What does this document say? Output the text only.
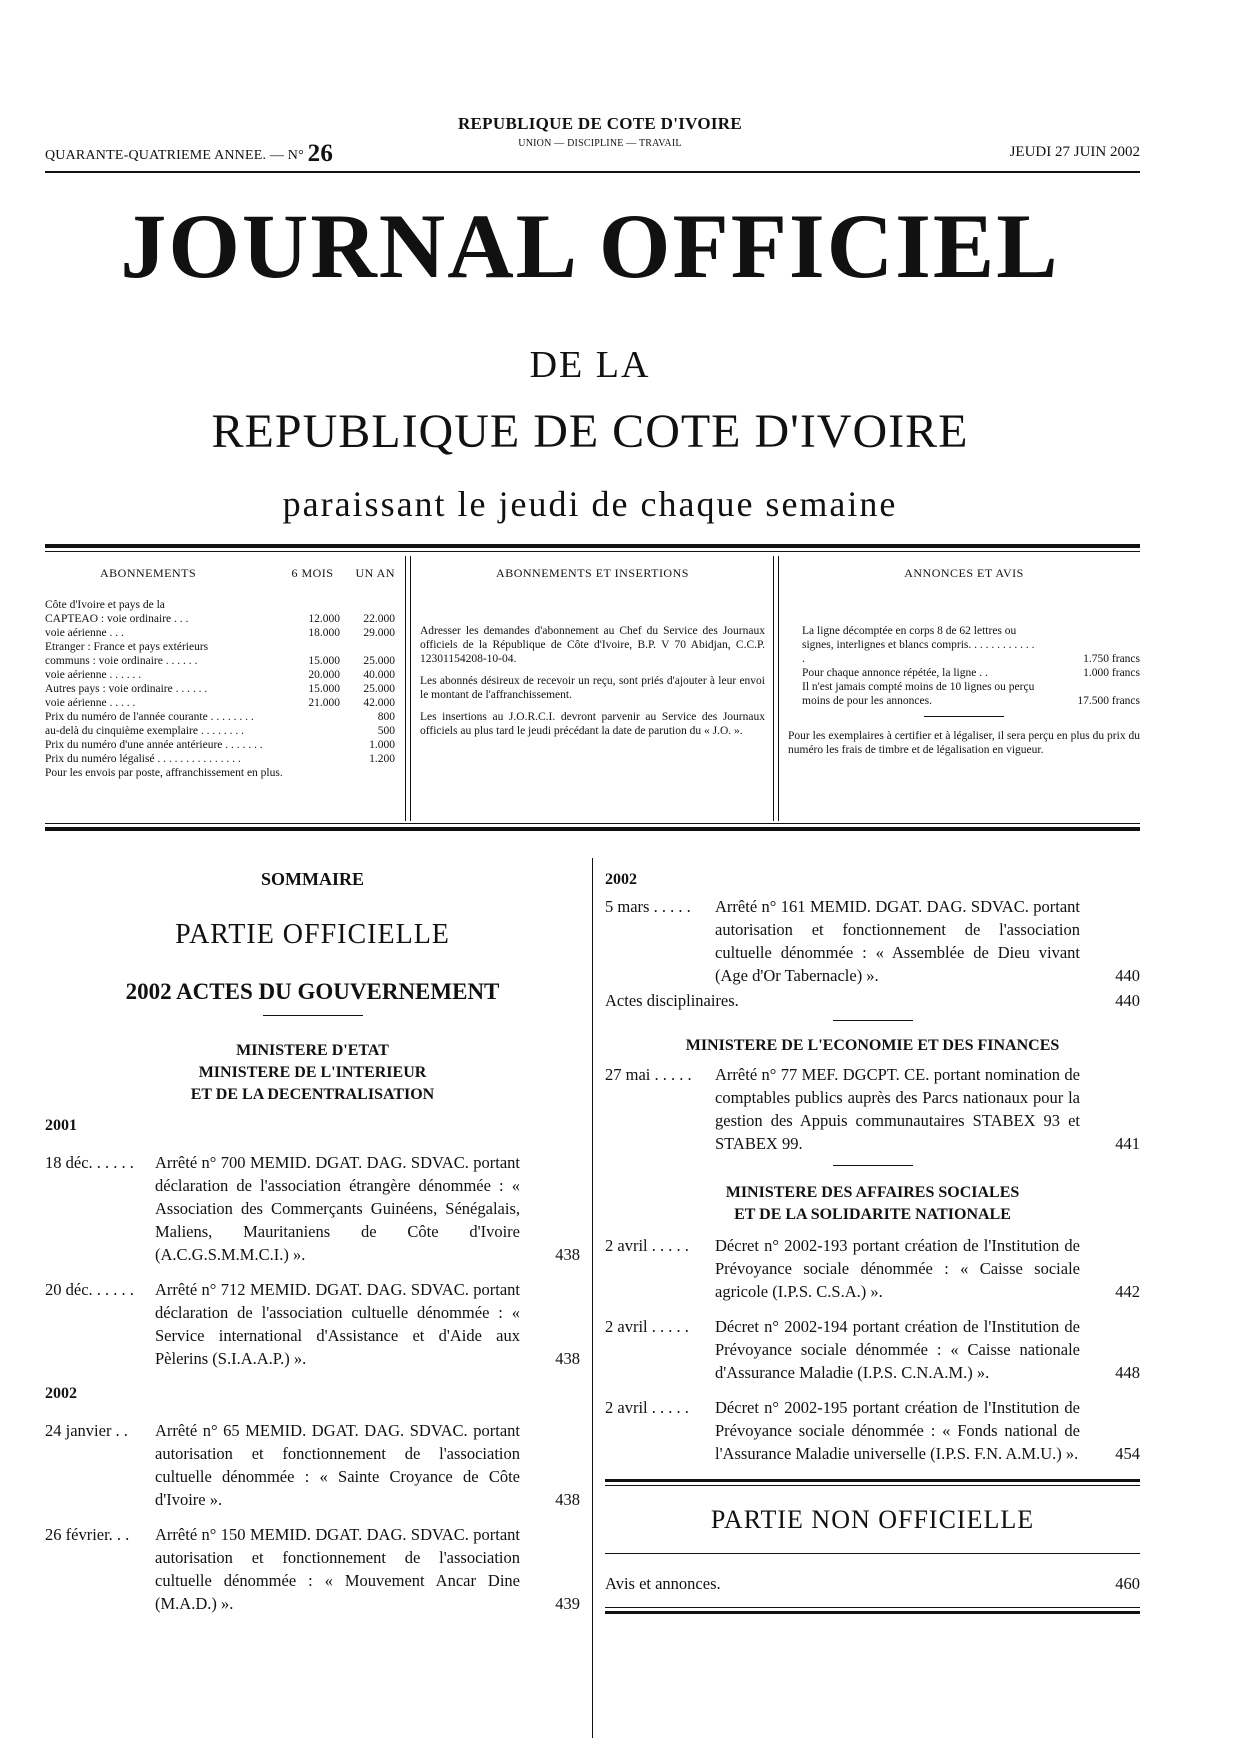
QUARANTE-QUATRIEME ANNEE. — N° 26
REPUBLIQUE DE COTE D'IVOIRE
UNION — DISCIPLINE — TRAVAIL
JEUDI 27 JUIN 2002
JOURNAL OFFICIEL
DE LA
REPUBLIQUE DE COTE D'IVOIRE
paraissant le jeudi de chaque semaine
ABONNEMENTS	6 MOIS UN AN
Côte d'Ivoire et pays de la
CAPTEAO : voie ordinaire . . .	12.000	22.000
voie aérienne . . .	18.000	29.000
Etranger : France et pays extérieurs
communs : voie ordinaire . . . . . .	15.000	25.000
voie aérienne . . . . . .	20.000	40.000
Autres pays : voie ordinaire . . . . . .	15.000	25.000
voie aérienne . . . . .	21.000	42.000
Prix du numéro de l'année courante . . . . . . . .	800
au-delà du cinquième exemplaire . . . . . . . .	500
Prix du numéro d'une année antérieure . . . . . . .	1.000
Prix du numéro légalisé . . . . . . . . . . . . . . .	1.200
Pour les envois par poste, affranchissement en plus.
ABONNEMENTS ET INSERTIONS

Adresser les demandes d'abonnement au Chef du Service des Journaux officiels de la République de Côte d'Ivoire, B.P. V 70 Abidjan, C.C.P. 12301154208-10-04.

Les abonnés désireux de recevoir un reçu, sont priés d'ajouter à leur envoi le montant de l'affranchissement.

Les insertions au J.O.R.C.I. devront parvenir au Service des Journaux officiels au plus tard le jeudi précédant la date de parution du « J.O. ».

ANNONCES ET AVIS
La ligne décomptée en corps 8 de 62 lettres ou signes, interlignes et blancs compris. . . . . . . . . . . . .	1.750 francs
Pour chaque annonce répétée, la ligne . .	1.000 francs
Il n'est jamais compté moins de 10 lignes ou perçu moins de pour les annonces.	17.500 francs

Pour les exemplaires à certifier et à légaliser, il sera perçu en plus du prix du numéro les frais de timbre et de légalisation en vigueur.

SOMMAIRE
PARTIE OFFICIELLE
2002 ACTES DU GOUVERNEMENT
MINISTERE D'ETAT
MINISTERE DE L'INTERIEUR
ET DE LA DECENTRALISATION
2001
18 déc. . . . . . Arrêté n° 700 MEMID. DGAT. DAG. SDVAC. portant déclaration de l'association étrangère dénommée : « Association des Commerçants Guinéens, Sénégalais, Maliens, Mauritaniens de Côte d'Ivoire (A.C.G.S.M.M.C.I.) ».	438
20 déc. . . . . . Arrêté n° 712 MEMID. DGAT. DAG. SDVAC. portant déclaration de l'association cultuelle dénommée : « Service international d'Assistance et d'Aide aux Pèlerins (S.I.A.A.P.) ».	438
2002
24 janvier . . Arrêté n° 65 MEMID. DGAT. DAG. SDVAC. portant autorisation et fonctionnement de l'association cultuelle dénommée : « Sainte Croyance de Côte d'Ivoire ».	438
26 février. . . Arrêté n° 150 MEMID. DGAT. DAG. SDVAC. portant autorisation et fonctionnement de l'association cultuelle dénommée : « Mouvement Ancar Dine (M.A.D.) ».	439
2002
5 mars . . . . . Arrêté n° 161 MEMID. DGAT. DAG. SDVAC. portant autorisation et fonctionnement de l'association cultuelle dénommée : « Assemblée de Dieu vivant (Age d'Or Tabernacle) ».	440
Actes disciplinaires.	440
MINISTERE DE L'ECONOMIE ET DES FINANCES
27 mai . . . . . Arrêté n° 77 MEF. DGCPT. CE. portant nomination de comptables publics auprès des Parcs nationaux pour la gestion des Appuis communautaires STABEX 93 et STABEX 99.	441
MINISTERE DES AFFAIRES SOCIALES
ET DE LA SOLIDARITE NATIONALE
2 avril . . . . . Décret n° 2002-193 portant création de l'Institution de Prévoyance sociale dénommée : « Caisse sociale agricole (I.P.S. C.S.A.) ».	442
2 avril . . . . . Décret n° 2002-194 portant création de l'Institution de Prévoyance sociale dénommée : « Caisse nationale d'Assurance Maladie (I.P.S. C.N.A.M.) ».	448
2 avril . . . . . Décret n° 2002-195 portant création de l'Institution de Prévoyance sociale dénommée : « Fonds national de l'Assurance Maladie universelle (I.P.S. F.N. A.M.U.) ». 454
PARTIE NON OFFICIELLE
Avis et annonces.	460
